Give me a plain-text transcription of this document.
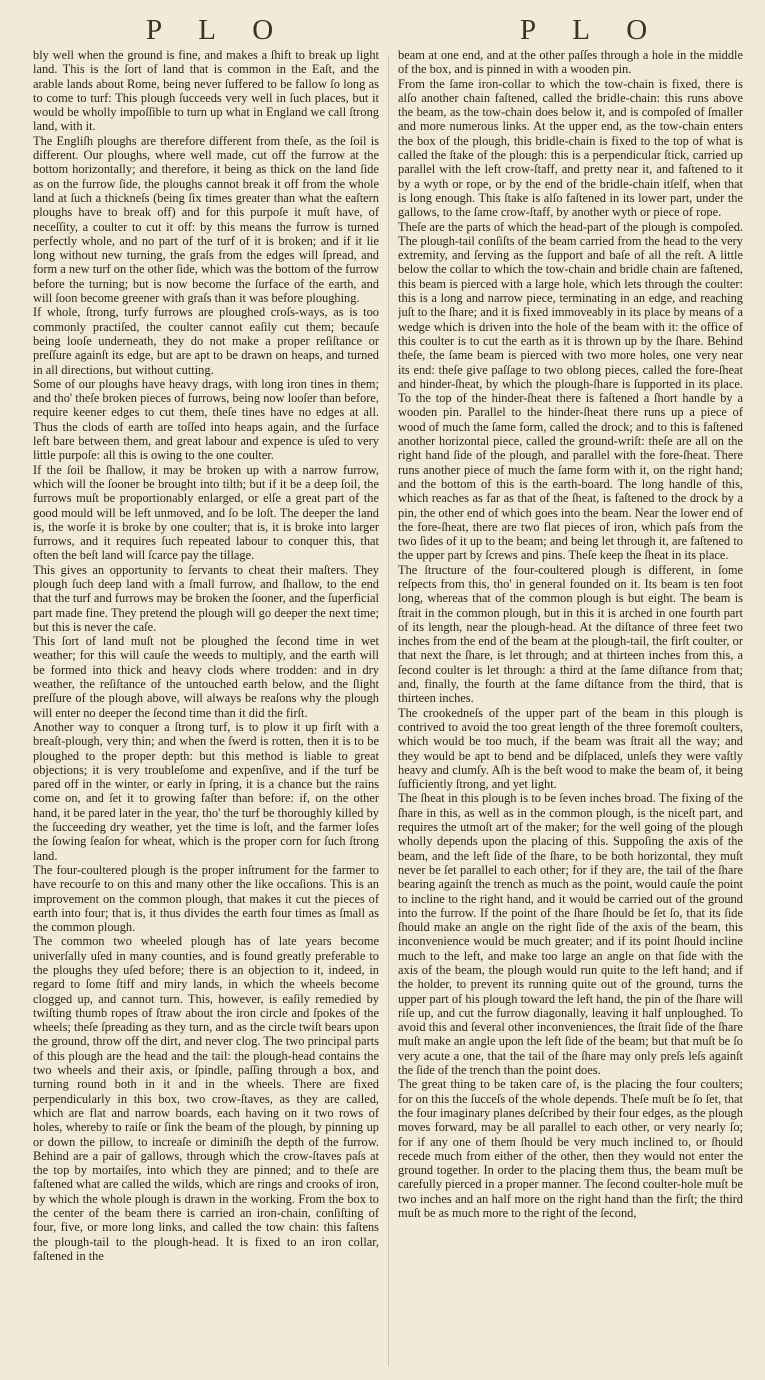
P L O	P L O

bly well when the ground is fine, and makes a ſhift to break up light land. This is the ſort of land that is common in the Eaſt, and the arable lands about Rome, being never ſuffered to be fallow ſo long as to come to turf: This plough ſucceeds very well in ſuch places, but it would be wholly impoſſible to turn up what in England we call ſtrong land, with it.

The Engliſh ploughs are therefore different from theſe, as the ſoil is different. Our ploughs, where well made, cut off the furrow at the bottom horizontally; and therefore, it being as thick on the land ſide as on the furrow ſide, the ploughs cannot break it off from the whole land at ſuch a thickneſs (being ſix times greater than what the eaſtern ploughs have to break off) and for this purpoſe it muſt have, of neceſſity, a coulter to cut it off: by this means the furrow is turned perfectly whole, and no part of the turf of it is broken; and if it lie long without new turning, the graſs from the edges will ſpread, and form a new turf on the other ſide, which was the bottom of the furrow before the turning; but is now become the ſurface of the earth, and will ſoon become greener with graſs than it was before ploughing.

If whole, ſtrong, turfy furrows are ploughed croſs-ways, as is too commonly practiſed, the coulter cannot eaſily cut them; becauſe being looſe underneath, they do not make a proper reſiſtance or preſſure againſt its edge, but are apt to be drawn on heaps, and turned in all directions, but without cutting.

Some of our ploughs have heavy drags, with long iron tines in them; and tho' theſe broken pieces of furrows, being now looſer than before, require keener edges to cut them, theſe tines have no edges at all. Thus the clods of earth are toſſed into heaps again, and the ſurface left bare between them, and great labour and expence is uſed to very little purpoſe: all this is owing to the one coulter.

If the ſoil be ſhallow, it may be broken up with a narrow furrow, which will the ſooner be brought into tilth; but if it be a deep ſoil, the furrows muſt be proportionably enlarged, or elſe a great part of the good mould will be left unmoved, and ſo be loſt. The deeper the land is, the worſe it is broke by one coulter; that is, it is broke into larger furrows, and it requires ſuch repeated labour to conquer this, that often the beſt land will ſcarce pay the tillage.

This gives an opportunity to ſervants to cheat their maſters. They plough ſuch deep land with a ſmall furrow, and ſhallow, to the end that the turf and furrows may be broken the ſooner, and the ſuperficial part made fine. They pretend the plough will go deeper the next time; but this is never the caſe.

This ſort of land muſt not be ploughed the ſecond time in wet weather; for this will cauſe the weeds to multiply, and the earth will be formed into thick and heavy clods where trodden: and in dry weather, the reſiſtance of the untouched earth below, and the ſlight preſſure of the plough above, will always be reaſons why the plough will enter no deeper the ſecond time than it did the firſt.

Another way to conquer a ſtrong turf, is to plow it up firſt with a breaſt-plough, very thin; and when the ſwerd is rotten, then it is to be ploughed to the proper depth: but this method is liable to great objections; it is very troubleſome and expenſive, and if the turf be pared off in the winter, or early in ſpring, it is a chance but the rains come on, and ſet it to growing faſter than before: if, on the other hand, it be pared later in the year, tho' the turf be thoroughly killed by the ſucceeding dry weather, yet the time is loſt, and the farmer loſes the ſowing ſeaſon for wheat, which is the proper corn for ſuch ſtrong land.

The four-coultered plough is the proper inſtrument for the farmer to have recourſe to on this and many other the like occaſions. This is an improvement on the common plough, that makes it cut the pieces of earth into four; that is, it thus divides the earth four times as ſmall as the common plough.

The common two wheeled plough has of late years become univerſally uſed in many counties, and is found greatly preferable to the ploughs they uſed before; there is an objection to it, indeed, in regard to ſome ſtiff and miry lands, in which the wheels become clogged up, and cannot turn. This, however, is eaſily remedied by twiſting thumb ropes of ſtraw about the iron circle and ſpokes of the wheels; theſe ſpreading as they turn, and as the circle twiſt bears upon the ground, throw off the dirt, and never clog. The two principal parts of this plough are the head and the tail: the plough-head contains the two wheels and their axis, or ſpindle, paſſing through a box, and turning round both in it and in the wheels. There are fixed perpendicularly in this box, two crow-ſtaves, as they are called, which are flat and narrow boards, each having on it two rows of holes, whereby to raiſe or ſink the beam of the plough, by pinning up or down the pillow, to increaſe or diminiſh the depth of the furrow. Behind are a pair of gallows, through which the crow-ſtaves paſs at the top by mortaiſes, into which they are pinned; and to theſe are faſtened what are called the wilds, which are rings and crooks of iron, by which the whole plough is drawn in the working. From the box to the center of the beam there is carried an iron-chain, conſiſting of four, five, or more long links, and called the tow chain: this faſtens the plough-tail to the plough-head. It is fixed to an iron collar, faſtened in the

beam at one end, and at the other paſſes through a hole in the middle of the box, and is pinned in with a wooden pin.

From the ſame iron-collar to which the tow-chain is fixed, there is alſo another chain faſtened, called the bridle-chain: this runs above the beam, as the tow-chain does below it, and is compoſed of ſmaller and more numerous links. At the upper end, as the tow-chain enters the box of the plough, this bridle-chain is fixed to the top of what is called the ſtake of the plough: this is a perpendicular ſtick, carried up parallel with the left crow-ſtaff, and pretty near it, and faſtened to it by a wyth or rope, or by the end of the bridle-chain itſelf, when that is long enough. This ſtake is alſo faſtened in its lower part, under the gallows, to the ſame crow-ſtaff, by another wyth or piece of rope.

Theſe are the parts of which the head-part of the plough is compoſed. The plough-tail conſiſts of the beam carried from the head to the very extremity, and ſerving as the ſupport and baſe of all the reſt. A little below the collar to which the tow-chain and bridle chain are faſtened, this beam is pierced with a large hole, which lets through the coulter: this is a long and narrow piece, terminating in an edge, and reaching juſt to the ſhare; and it is fixed immoveably in its place by means of a wedge which is driven into the hole of the beam with it: the office of this coulter is to cut the earth as it is thrown up by the ſhare. Behind theſe, the ſame beam is pierced with two more holes, one very near its end: theſe give paſſage to two oblong pieces, called the fore-ſheat and hinder-ſheat, by which the plough-ſhare is ſupported in its place. To the top of the hinder-ſheat there is faſtened a ſhort handle by a wooden pin. Parallel to the hinder-ſheat there runs up a piece of wood of much the ſame form, called the drock; and to this is faſtened another horizontal piece, called the ground-wriſt: theſe are all on the right hand ſide of the plough, and parallel with the fore-ſheat. There runs another piece of much the ſame form with it, on the right hand; and the bottom of this is the earth-board. The long handle of this, which reaches as far as that of the ſheat, is faſtened to the drock by a pin, the other end of which goes into the beam. Near the lower end of the fore-ſheat, there are two flat pieces of iron, which paſs from the two ſides of it up to the beam; and being let through it, are faſtened to the upper part by ſcrews and pins. Theſe keep the ſheat in its place.

The ſtructure of the four-coultered plough is different, in ſome reſpects from this, tho' in general founded on it. Its beam is ten foot long, whereas that of the common plough is but eight. The beam is ſtrait in the common plough, but in this it is arched in one fourth part of its length, near the plough-head. At the diſtance of three feet two inches from the end of the beam at the plough-tail, the firſt coulter, or that next the ſhare, is let through; and at thirteen inches from this, a ſecond coulter is let through: a third at the ſame diſtance from that; and, finally, the fourth at the ſame diſtance from the third, that is thirteen inches.

The crookedneſs of the upper part of the beam in this plough is contrived to avoid the too great length of the three foremoſt coulters, which would be too much, if the beam was ſtrait all the way; and they would be apt to bend and be diſplaced, unleſs they were vaſtly heavy and clumſy. Aſh is the beſt wood to make the beam of, it being ſufficiently ſtrong, and yet light.

The ſheat in this plough is to be ſeven inches broad. The fixing of the ſhare in this, as well as in the common plough, is the niceſt part, and requires the utmoſt art of the maker; for the well going of the plough wholly depends upon the placing of this. Suppoſing the axis of the beam, and the left ſide of the ſhare, to be both horizontal, they muſt never be ſet parallel to each other; for if they are, the tail of the ſhare bearing againſt the trench as much as the point, would cauſe the point to incline to the right hand, and it would be carried out of the ground into the furrow. If the point of the ſhare ſhould be ſet ſo, that its ſide ſhould make an angle on the right ſide of the axis of the beam, this inconvenience would be much greater; and if its point ſhould incline much to the left, and make too large an angle on that ſide with the axis of the beam, the plough would run quite to the left hand; and if the holder, to prevent its running quite out of the ground, turns the upper part of his plough toward the left hand, the pin of the ſhare will riſe up, and cut the furrow diagonally, leaving it half unploughed. To avoid this and ſeveral other inconveniences, the ſtrait ſide of the ſhare muſt make an angle upon the left ſide of the beam; but that muſt be ſo very acute a one, that the tail of the ſhare may only preſs leſs againſt the ſide of the trench than the point does.

The great thing to be taken care of, is the placing the four coulters; for on this the ſucceſs of the whole depends. Theſe muſt be ſo ſet, that the four imaginary planes deſcribed by their four edges, as the plough moves forward, may be all parallel to each other, or very nearly ſo; for if any one of them ſhould be very much inclined to, or ſhould recede much from either of the other, then they would not enter the ground together. In order to the placing them thus, the beam muſt be carefully pierced in a proper manner. The ſecond coulter-hole muſt be two inches and an half more on the right hand than the firſt; the third muſt be as much more to the right of the ſecond,
